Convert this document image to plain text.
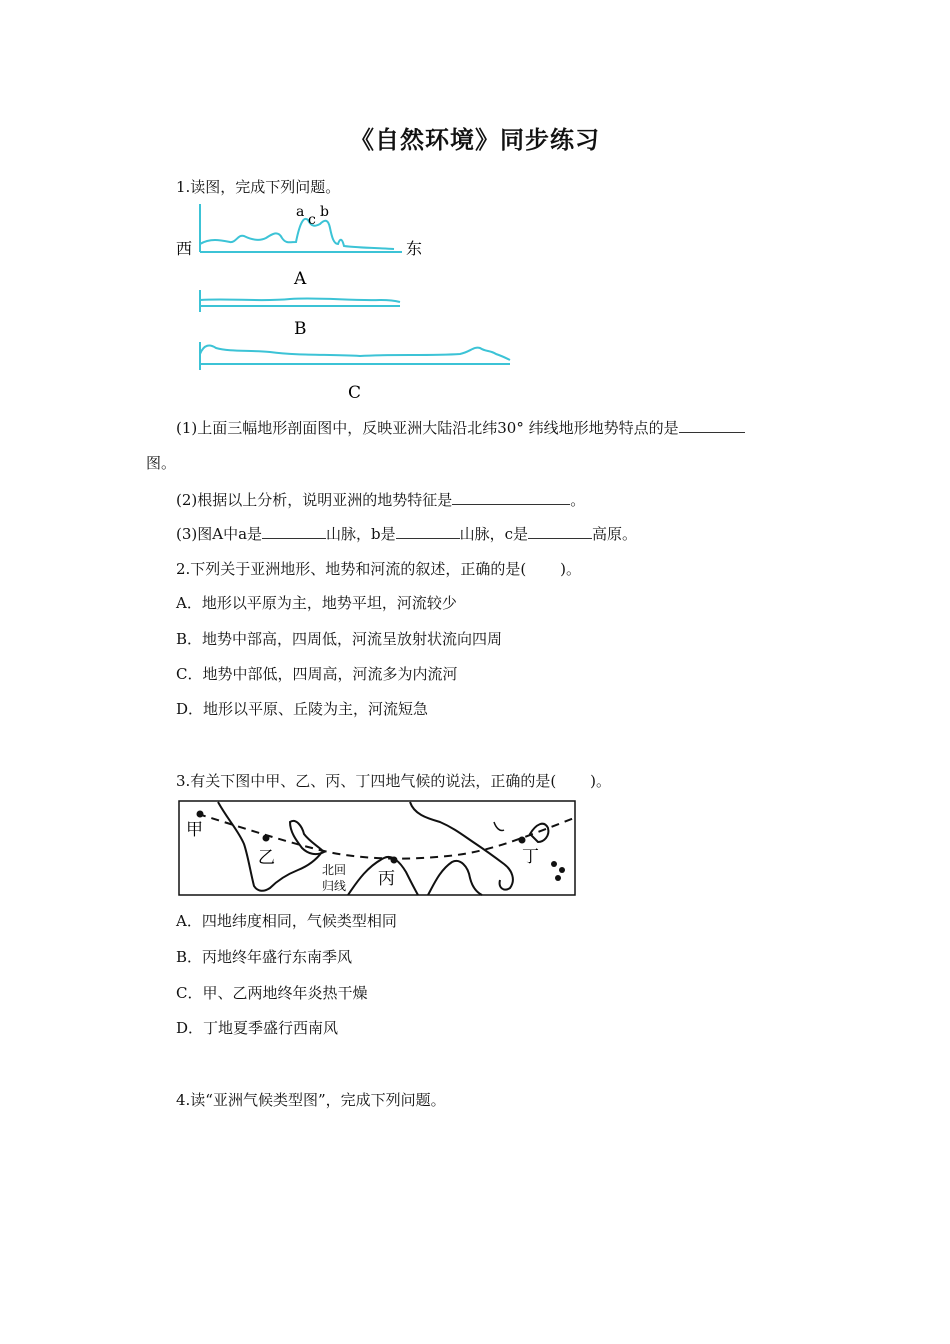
《自然环境》同步练习
1.读图，完成下列问题。
a c b
西	东
A
B
C
(1)上面三幅地形剖面图中，反映亚洲大陆沿北纬30° 纬线地形地势特点的是
图。
(2)根据以上分析，说明亚洲的地势特征是	。
(3)图A中a是	山脉，b是	山脉，c是	高原。
2.下列关于亚洲地形、地势和河流的叙述，正确的是( )。
A．地形以平原为主，地势平坦，河流较少
B．地势中部高，四周低，河流呈放射状流向四周
C．地势中部低，四周高，河流多为内流河
D．地形以平原、丘陵为主，河流短急
3.有关下图中甲、乙、丙、丁四地气候的说法，正确的是( )。
甲
乙
丙
丁
北回
归线
A．四地纬度相同，气候类型相同
B．丙地终年盛行东南季风
C．甲、乙两地终年炎热干燥
D．丁地夏季盛行西南风
4.读“亚洲气候类型图”，完成下列问题。
